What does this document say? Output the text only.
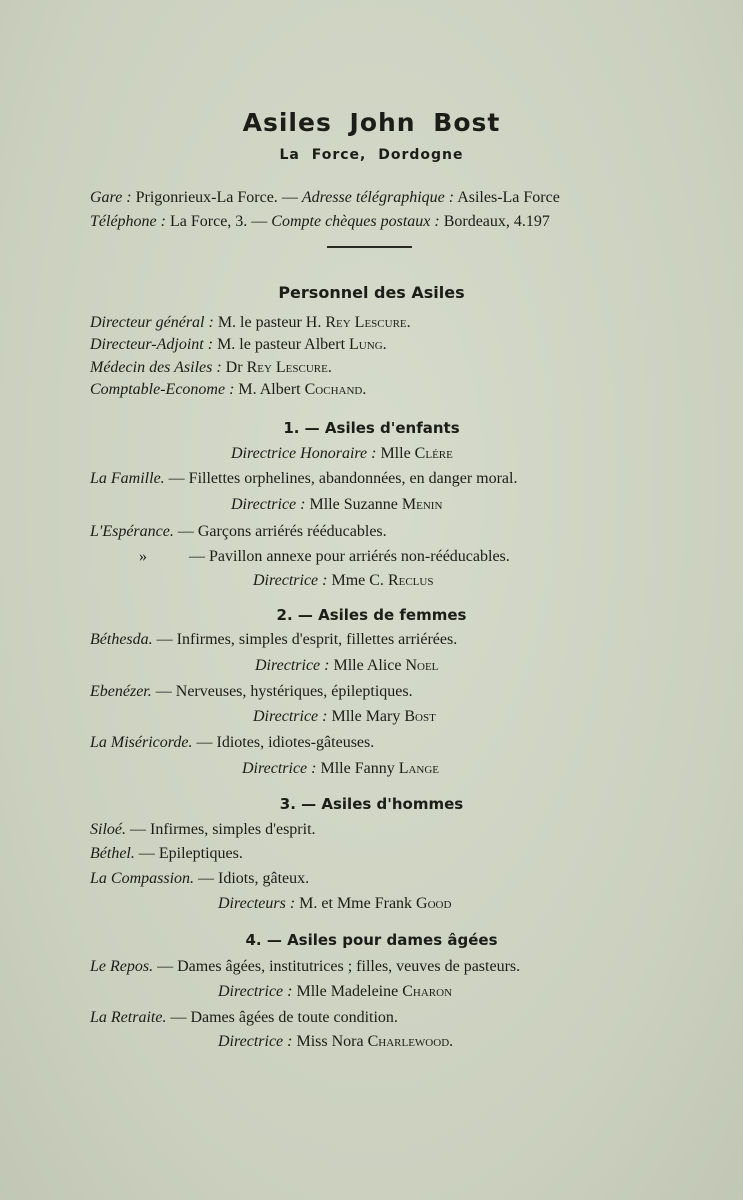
Asiles John Bost
La Force, Dordogne
Gare : Prigonrieux-La Force. — Adresse télégraphique : Asiles-La Force
Téléphone : La Force, 3. — Compte chèques postaux : Bordeaux, 4.197
Personnel des Asiles
Directeur général : M. le pasteur H. Rey Lescure.
Directeur-Adjoint : M. le pasteur Albert Lung.
Médecin des Asiles : Dr Rey Lescure.
Comptable-Econome : M. Albert Cochand.
1. — Asiles d'enfants
Directrice Honoraire : Mlle Clére
La Famille. — Fillettes orphelines, abandonnées, en danger moral.
Directrice : Mlle Suzanne Menin
L'Espérance. — Garçons arriérés rééducables.
»	— Pavillon annexe pour arriérés non-rééducables.
Directrice : Mme C. Reclus
2. — Asiles de femmes
Béthesda. — Infirmes, simples d'esprit, fillettes arriérées.
Directrice : Mlle Alice Noel
Ebenézer. — Nerveuses, hystériques, épileptiques.
Directrice : Mlle Mary Bost
La Miséricorde. — Idiotes, idiotes-gâteuses.
Directrice : Mlle Fanny Lange
3. — Asiles d'hommes
Siloé. — Infirmes, simples d'esprit.
Béthel. — Epileptiques.
La Compassion. — Idiots, gâteux.
Directeurs : M. et Mme Frank Good
4. — Asiles pour dames âgées
Le Repos. — Dames âgées, institutrices ; filles, veuves de pasteurs.
Directrice : Mlle Madeleine Charon
La Retraite. — Dames âgées de toute condition.
Directrice : Miss Nora Charlewood.
